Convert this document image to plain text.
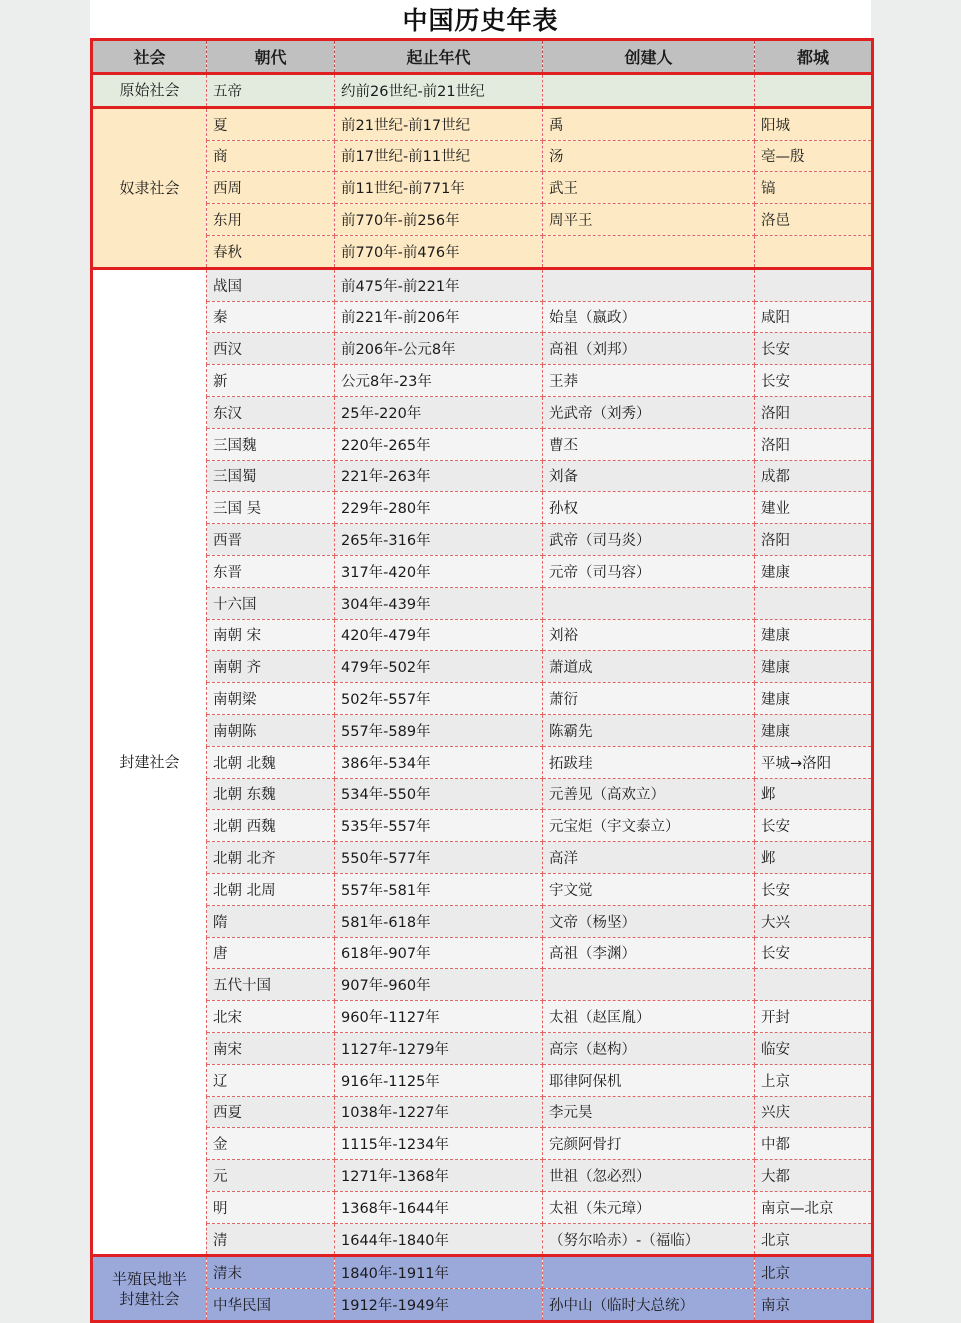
中国历史年表
社会	朝代	起止年代	创建人	都城

原始社会	五帝	约前26世纪-前21世纪		

奴隶社会	夏	前21世纪-前17世纪	禹	阳城
	商	前17世纪-前11世纪	汤	亳—殷
	西周	前11世纪-前771年	武王	镐
	东用	前770年-前256年	周平王	洛邑
	春秋	前770年-前476年		

封建社会	战国	前475年-前221年		
	秦	前221年-前206年	始皇（嬴政）	咸阳
	西汉	前206年-公元8年	高祖（刘邦）	长安
	新	公元8年-23年	王莽	长安
	东汉	25年-220年	光武帝（刘秀）	洛阳
	三国魏	220年-265年	曹丕	洛阳
	三国蜀	221年-263年	刘备	成都
	三国 吴	229年-280年	孙权	建业
	西晋	265年-316年	武帝（司马炎）	洛阳
	东晋	317年-420年	元帝（司马容）	建康
	十六国	304年-439年		
	南朝 宋	420年-479年	刘裕	建康
	南朝 齐	479年-502年	萧道成	建康
	南朝梁	502年-557年	萧衍	建康
	南朝陈	557年-589年	陈霸先	建康
	北朝 北魏	386年-534年	拓跋珪	平城→洛阳
	北朝 东魏	534年-550年	元善见（高欢立）	邺
	北朝 西魏	535年-557年	元宝炬（宇文泰立）	长安
	北朝 北齐	550年-577年	高洋	邺
	北朝 北周	557年-581年	宇文觉	长安
	隋	581年-618年	文帝（杨坚）	大兴
	唐	618年-907年	高祖（李渊）	长安
	五代十国	907年-960年		
	北宋	960年-1127年	太祖（赵匡胤）	开封
	南宋	1127年-1279年	高宗（赵构）	临安
	辽	916年-1125年	耶律阿保机	上京
	西夏	1038年-1227年	李元昊	兴庆
	金	1115年-1234年	完颜阿骨打	中都
	元	1271年-1368年	世祖（忽必烈）	大都
	明	1368年-1644年	太祖（朱元璋）	南京—北京
	清	1644年-1840年	（努尔哈赤）-（福临）	北京

半殖民地半
封建社会	清末	1840年-1911年		北京
	中华民国	1912年-1949年	孙中山（临时大总统）	南京
